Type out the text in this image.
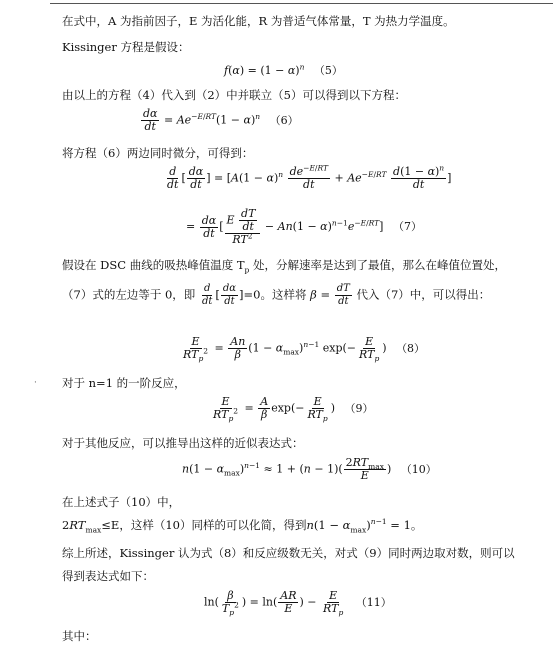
在式中，A 为指前因子，E 为活化能，R 为普适气体常量，T 为热力学温度。
Kissinger 方程是假设：
$f(\alpha) = (1 - \alpha)^n$ （5）
由以上的方程（4）代入到（2）中并联立（5）可以得到以下方程：
$\frac{d\alpha}{dt} = Ae^{-E/RT}(1 - \alpha)^n$ （6）
将方程（6）两边同时微分，可得到：
$\frac{d}{dt}$ [ $\frac{d\alpha}{dt}$ ] = [$A(1 - \alpha)^n \frac{de^{-E/RT}}{dt} + Ae^{-E/RT} \frac{d(1 - \alpha)^n}{dt}$ ]
= $\frac{d\alpha}{dt}$ [ $\frac{E \frac{dT}{dt}}{RT^2} - An(1 - \alpha)^{n-1}e^{-E/RT}$] （7）
假设在 DSC 曲线的吸热峰值温度 $T_p$ 处，分解速率是达到了最值，那么在峰值位置处，
（7）式的左边等于 0，即 $\frac{d}{dt}$ [ $\frac{d\alpha}{dt} ]=0$。这样将 $\beta = \frac{dT}{dt}$ 代入（7）中，可以得出：
$\frac{E}{RT_p^2} = \frac{An}{\beta} (1 - \alpha_{max})^{n-1}$ $\exp(- \frac{E}{RT_p}$ ) （8）
· 对于 n=1 的一阶反应，
$\frac{E}{RT_p^2} = \frac{A}{\beta} \exp(- \frac{E}{RT_p}$ ) （9）
对于其他反应，可以推导出这样的近似表达式：
$n(1 - \alpha_{max})^{n-1} \approx 1 + (n - 1)( \frac{2RT_{max}}{E}$ ) （10）
在上述式子（10）中，
$2RT_{max}\le E$，这样（10）同样的可以化简，得到$n(1 - \alpha_{max})^{n-1} = 1$。
综上所述，Kissinger 认为式（8）和反应级数无关，对式（9）同时两边取对数，则可以
得到表达式如下：
$\ln( \frac{\beta}{T_p^2}$ ) = $\ln( \frac{AR}{E}$ ) − $\frac{E}{RT_p} (11)$
其中：
